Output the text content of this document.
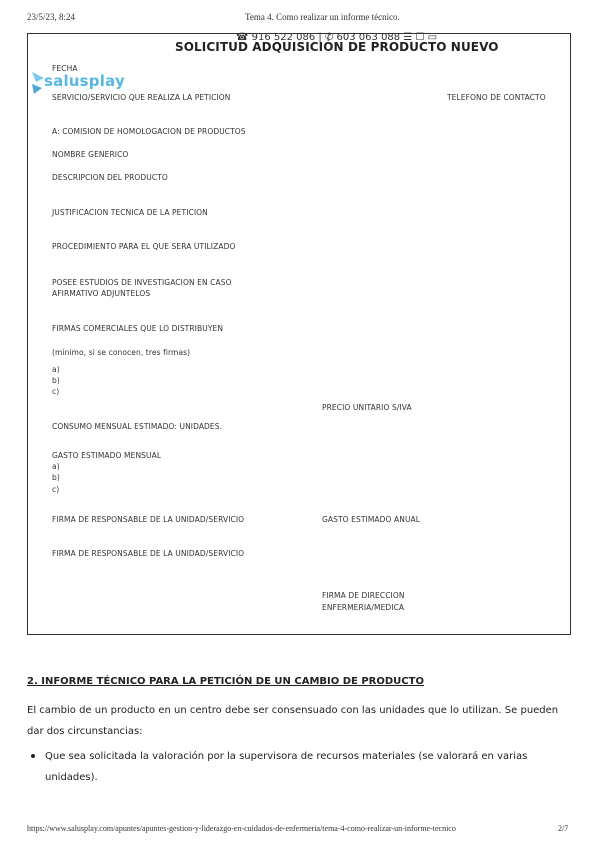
23/5/23, 8:24	Tema 4. Como realizar un informe técnico.
☎ 916 522 086 | ✆ 603 063 088 ☰ ☐ ▭
SOLICITUD ADQUISICIÓN DE PRODUCTO NUEVO
salusplay
FECHA
SERVICIO/SERVICIO QUE REALIZA LA PETICION	TELEFONO DE CONTACTO
A: COMISION DE HOMOLOGACION DE PRODUCTOS
NOMBRE GENERICO
DESCRIPCION DEL PRODUCTO
JUSTIFICACION TECNICA DE LA PETICION
PROCEDIMIENTO PARA EL QUE SERA UTILIZADO
POSEE ESTUDIOS DE INVESTIGACION EN CASO
AFIRMATIVO ADJUNTELOS
FIRMAS COMERCIALES QUE LO DISTRIBUYEN
(mínimo, si se conocen, tres firmas)
a)
b)
c)
PRECIO UNITARIO S/IVA
CONSUMO MENSUAL ESTIMADO: UNIDADES.
GASTO ESTIMADO MENSUAL
a)
b)
c)
FIRMA DE RESPONSABLE DE LA UNIDAD/SERVICIO	GASTO ESTIMADO ANUAL
FIRMA DE RESPONSABLE DE LA UNIDAD/SERVICIO
FIRMA DE DIRECCION
ENFERMERIA/MEDICA
2. INFORME TÉCNICO PARA LA PETICIÓN DE UN CAMBIO DE PRODUCTO
El cambio de un producto en un centro debe ser consensuado con las unidades que lo utilizan. Se pueden dar dos circunstancias:
Que sea solicitada la valoración por la supervisora de recursos materiales (se valorará en varias unidades).
https://www.salusplay.com/apuntes/apuntes-gestion-y-liderazgo-en-cuidados-de-enfermeria/tema-4-como-realizar-un-informe-tecnico	2/7
